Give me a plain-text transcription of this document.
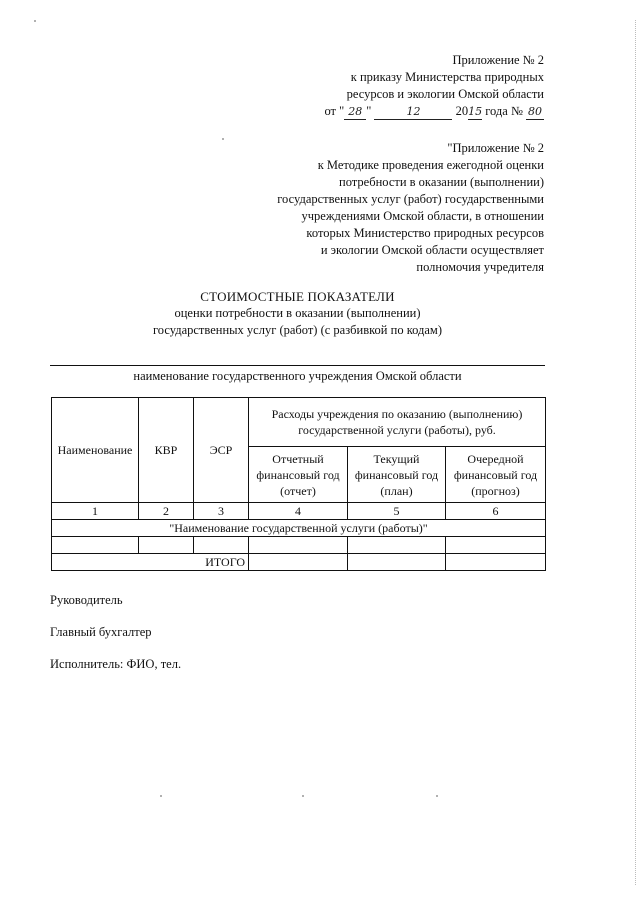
Приложение № 2
к приказу Министерства природных
ресурсов и экологии Омской области
от " 28 "	12	2015 года № 80
"Приложение № 2
к Методике проведения ежегодной оценки
потребности в оказании (выполнении)
государственных услуг (работ) государственными
учреждениями Омской области, в отношении
которых Министерство природных ресурсов
и экологии Омской области осуществляет
полномочия учредителя
СТОИМОСТНЫЕ ПОКАЗАТЕЛИ
оценки потребности в оказании (выполнении)
государственных услуг (работ) (с разбивкой по кодам)
наименование государственного учреждения Омской области
Наименование	КВР	ЭСР	Расходы учреждения по оказанию (выполнению) государственной услуги (работы), руб.		
			Отчетный финансовый год (отчет)	Текущий финансовый год (план)	Очередной финансовый год (прогноз)
1	2	3	4	5	6
"Наименование государственной услуги (работы)"					

ИТОГО					
Руководитель
Главный бухгалтер
Исполнитель: ФИО, тел.
